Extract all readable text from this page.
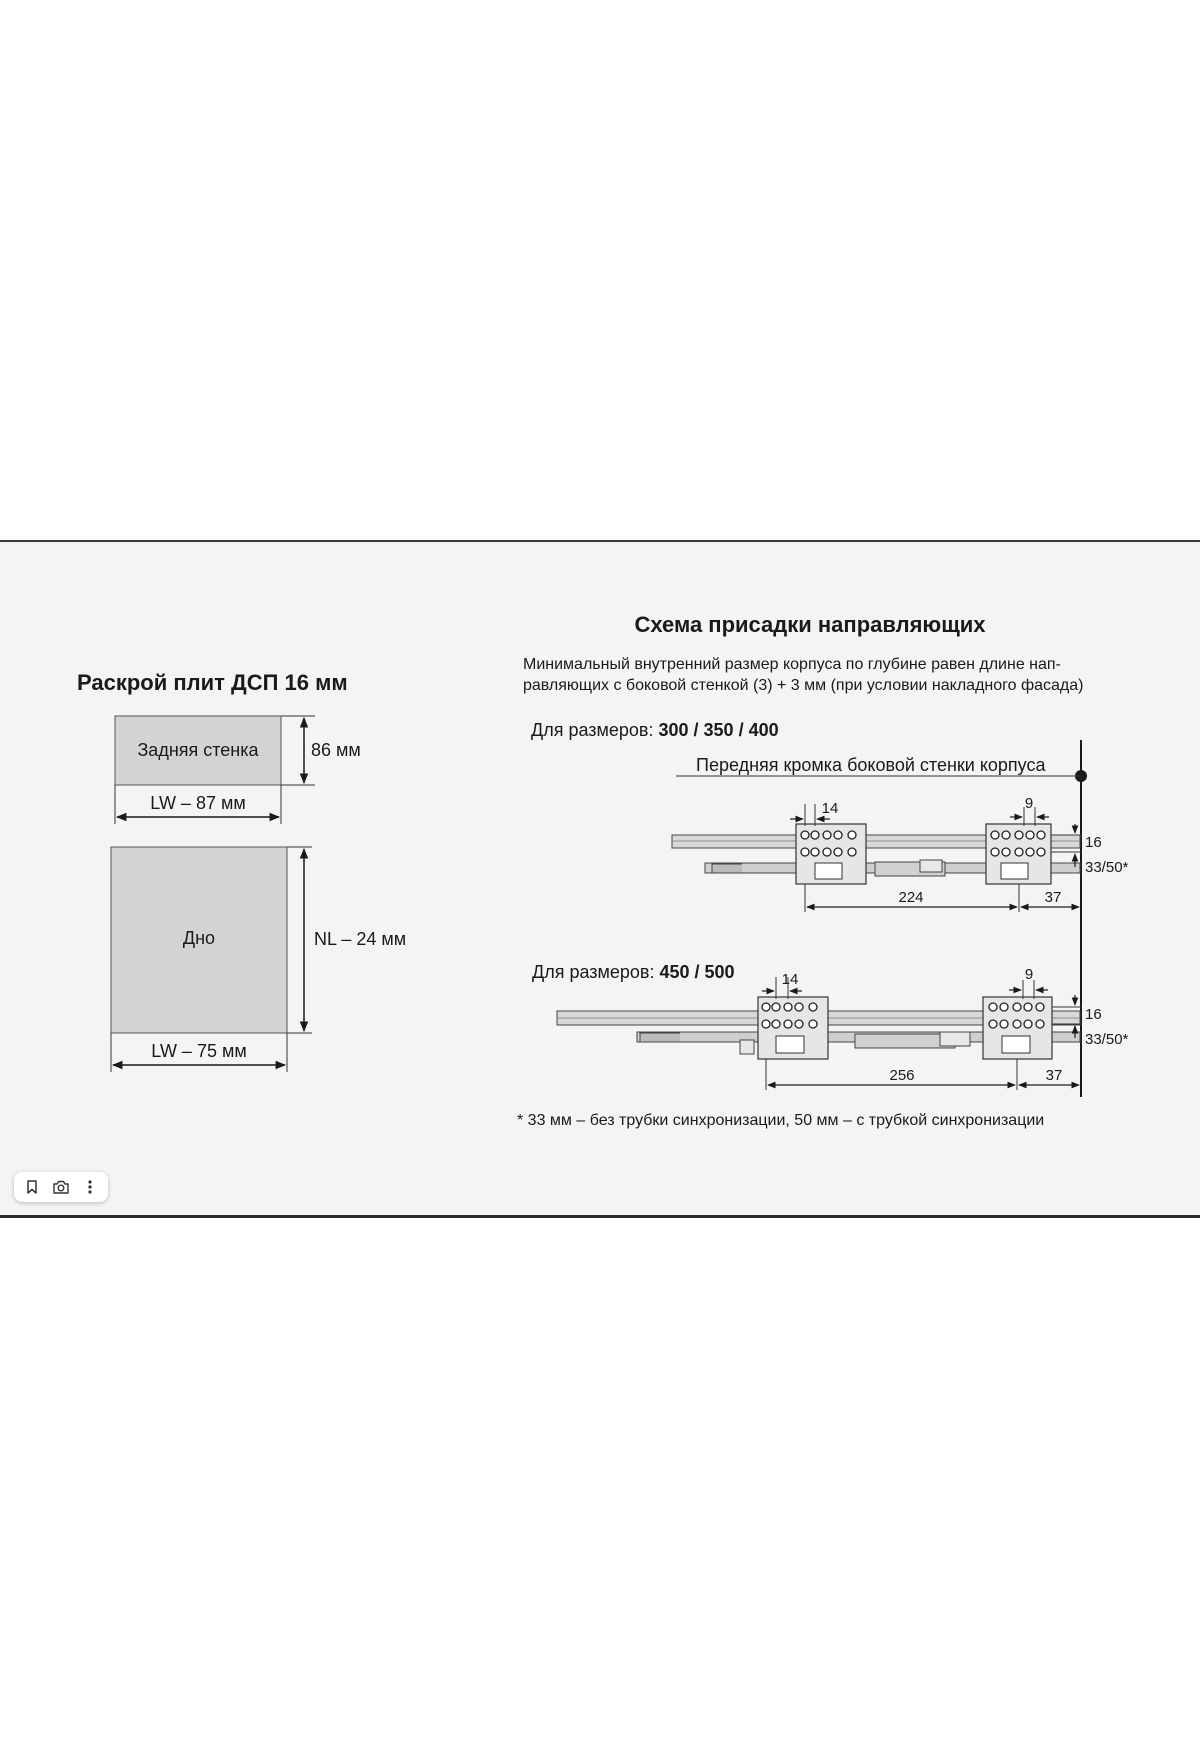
Раскрой плит ДСП 16 мм
Задняя стенка	86 мм
LW – 87 мм
Дно	NL – 24 мм
LW – 75 мм
Схема присадки направляющих
Минимальный внутренний размер корпуса по глубине равен длине нап-
равляющих с боковой стенкой (3) + 3 мм (при условии накладного фасада)
Передняя кромка боковой стенки корпуса
Для размеров: 300 / 350 / 400
14	9
16
33/50*
224	37
Для размеров: 450 / 500	14	9
16
33/50*
256	37
* 33 мм – без трубки синхронизации, 50 мм – с трубкой синхронизации
